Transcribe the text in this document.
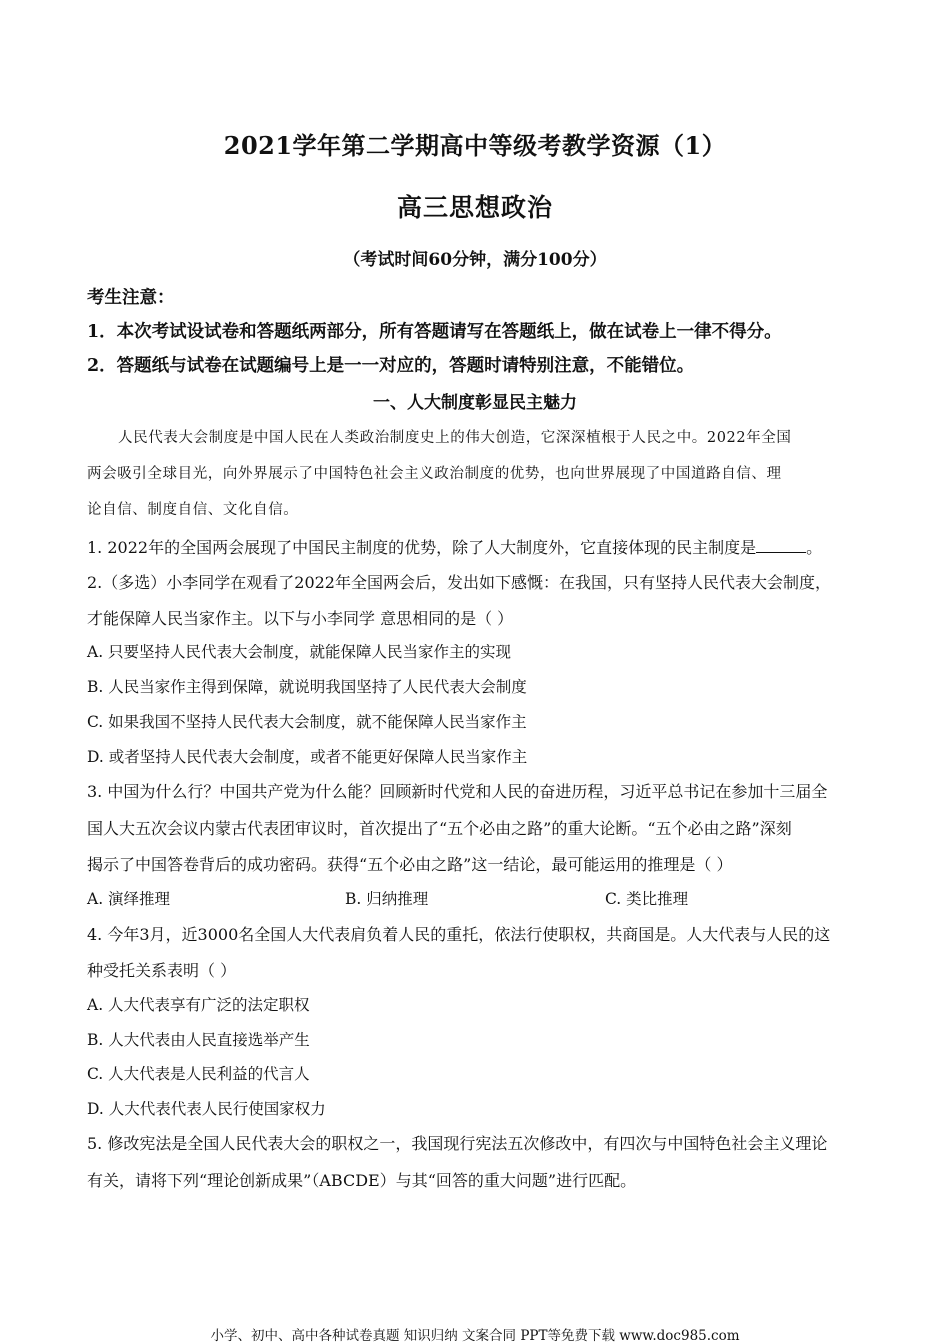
2021学年第二学期高中等级考教学资源（1）
高三思想政治
（考试时间60分钟，满分100分）
考生注意：
1．本次考试设试卷和答题纸两部分，所有答题请写在答题纸上，做在试卷上一律不得分。
2．答题纸与试卷在试题编号上是一一对应的，答题时请特别注意，不能错位。
一、人大制度彰显民主魅力
人民代表大会制度是中国人民在人类政治制度史上的伟大创造，它深深植根于人民之中。2022年全国
两会吸引全球目光，向外界展示了中国特色社会主义政治制度的优势，也向世界展现了中国道路自信、理
论自信、制度自信、文化自信。
1. 2022年的全国两会展现了中国民主制度的优势，除了人大制度外，它直接体现的民主制度是	。
2.（多选）小李同学在观看了2022年全国两会后，发出如下感慨：在我国，只有坚持人民代表大会制度，
才能保障人民当家作主。以下与小李同学 意思相同的是（ ）
A. 只要坚持人民代表大会制度，就能保障人民当家作主的实现
B. 人民当家作主得到保障，就说明我国坚持了人民代表大会制度
C. 如果我国不坚持人民代表大会制度，就不能保障人民当家作主
D. 或者坚持人民代表大会制度，或者不能更好保障人民当家作主
3. 中国为什么行？中国共产党为什么能？回顾新时代党和人民的奋进历程，习近平总书记在参加十三届全
国人大五次会议内蒙古代表团审议时，首次提出了“五个必由之路”的重大论断。“五个必由之路”深刻
揭示了中国答卷背后的成功密码。获得“五个必由之路”这一结论，最可能运用的推理是（ ）
A. 演绎推理	B. 归纳推理	C. 类比推理
4. 今年3月，近3000名全国人大代表肩负着人民的重托，依法行使职权，共商国是。人大代表与人民的这
种受托关系表明（ ）
A. 人大代表享有广泛的法定职权
B. 人大代表由人民直接选举产生
C. 人大代表是人民利益的代言人
D. 人大代表代表人民行使国家权力
5. 修改宪法是全国人民代表大会的职权之一，我国现行宪法五次修改中，有四次与中国特色社会主义理论
有关，请将下列“理论创新成果”（ABCDE）与其“回答的重大问题”进行匹配。
小学、初中、高中各种试卷真题 知识归纳 文案合同 PPT等免费下载 www.doc985.com
